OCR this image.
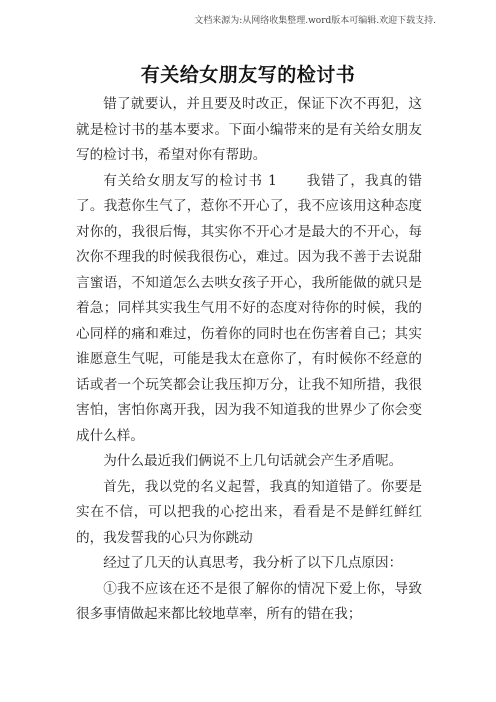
文档来源为:从网络收集整理.word版本可编辑.欢迎下载支持.
有关给女朋友写的检讨书

错了就要认，并且要及时改正，保证下次不再犯，这就是检讨书的基本要求。下面小编带来的是有关给女朋友写的检讨书，希望对你有帮助。

有关给女朋友写的检讨书 1　　我错了，我真的错了。我惹你生气了，惹你不开心了，我不应该用这种态度对你的，我很后悔，其实你不开心才是最大的不开心，每次你不理我的时候我很伤心，难过。因为我不善于去说甜言蜜语，不知道怎么去哄女孩子开心，我所能做的就只是着急；同样其实我生气用不好的态度对待你的时候，我的心同样的痛和难过，伤着你的同时也在伤害着自己；其实谁愿意生气呢，可能是我太在意你了，有时候你不经意的话或者一个玩笑都会让我压抑万分，让我不知所措，我很害怕，害怕你离开我，因为我不知道我的世界少了你会变成什么样。

为什么最近我们俩说不上几句话就会产生矛盾呢。

首先，我以党的名义起誓，我真的知道错了。你要是实在不信，可以把我的心挖出来，看看是不是鲜红鲜红的，我发誓我的心只为你跳动

经过了几天的认真思考，我分析了以下几点原因：

①我不应该在还不是很了解你的情况下爱上你，导致很多事情做起来都比较地草率，所有的错在我；
